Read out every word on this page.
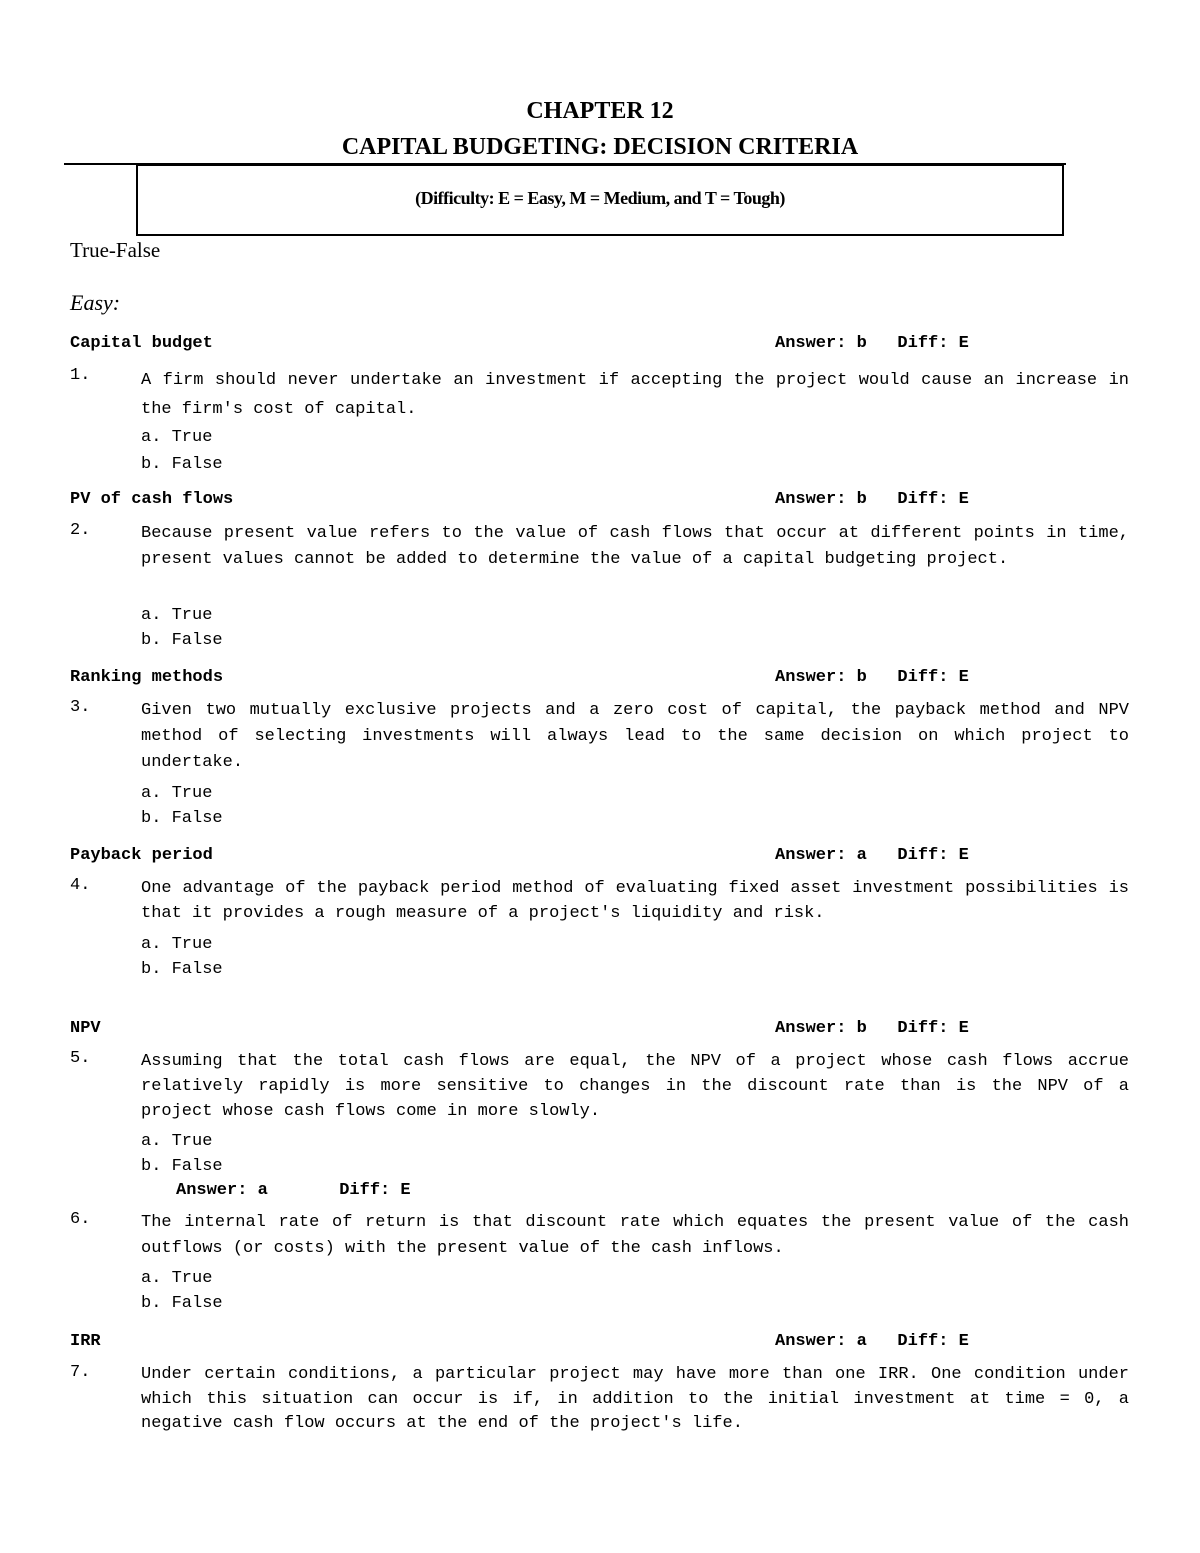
CHAPTER 12
CAPITAL BUDGETING: DECISION CRITERIA
(Difficulty: E = Easy, M = Medium, and T = Tough)
True-False
Easy:
Capital budget	Answer: b   Diff: E
1.	A firm should never undertake an investment if accepting the project would cause an increase in the firm's cost of capital.
a. True
b. False
PV of cash flows	Answer: b   Diff: E
2.	Because present value refers to the value of cash flows that occur at different points in time, present values cannot be added to determine the value of a capital budgeting project.
a. True
b. False
Ranking methods	Answer: b   Diff: E
3.	Given two mutually exclusive projects and a zero cost of capital, the payback method and NPV method of selecting investments will always lead to the same decision on which project to undertake.
a. True
b. False
Payback period	Answer: a   Diff: E
4.	One advantage of the payback period method of evaluating fixed asset investment possibilities is that it provides a rough measure of a project's liquidity and risk.
a. True
b. False
NPV	Answer: b   Diff: E
5.	Assuming that the total cash flows are equal, the NPV of a project whose cash flows accrue relatively rapidly is more sensitive to changes in the discount rate than is the NPV of a project whose cash flows come in more slowly.
a. True
b. False
Answer: a       Diff: E
6.	The internal rate of return is that discount rate which equates the present value of the cash outflows (or costs) with the present value of the cash inflows.
a. True
b. False
IRR	Answer: a   Diff: E
7.	Under certain conditions, a particular project may have more than one IRR. One condition under which this situation can occur is if, in addition to the initial investment at time = 0, a negative cash flow occurs at the end of the project's life.
